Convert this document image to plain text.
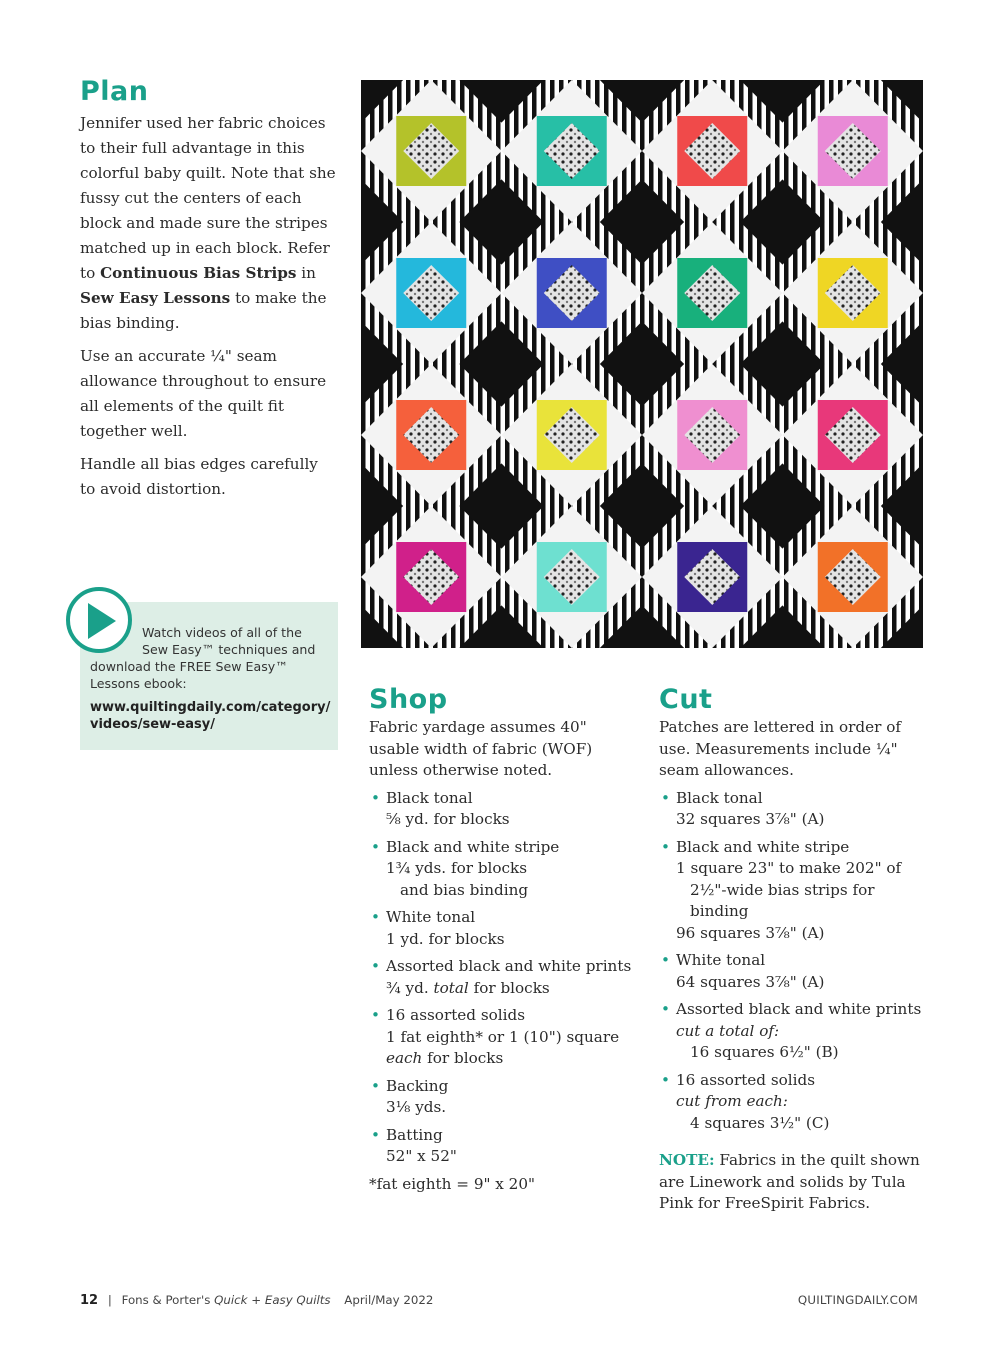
Plan

Jennifer used her fabric choices to their full advantage in this colorful baby quilt. Note that she fussy cut the centers of each block and made sure the stripes matched up in each block. Refer to Continuous Bias Strips in Sew Easy Lessons to make the bias binding.

Use an accurate ¼" seam allowance throughout to ensure all elements of the quilt fit together well.

Handle all bias edges carefully to avoid distortion.

Watch videos of all of the
Sew Easy™ techniques and
download the FREE Sew Easy™ Lessons ebook:
www.quiltingdaily.com/category/ videos/sew-easy/
Shop

Fabric yardage assumes 40" usable width of fabric (WOF) unless otherwise noted.

• Black tonal
⅝ yd. for blocks
• Black and white stripe
1¾ yds. for blocks
and bias binding
• White tonal
1 yd. for blocks
• Assorted black and white prints
¾ yd. total for blocks
• 16 assorted solids
1 fat eighth* or 1 (10") square
each for blocks
• Backing
3⅛ yds.
• Batting
52" x 52"

*fat eighth = 9" x 20"

Cut

Patches are lettered in order of use. Measurements include ¼" seam allowances.

• Black tonal
32 squares 3⅞" (A)
• Black and white stripe
1 square 23" to make 202" of
2½"-wide bias strips for binding
96 squares 3⅞" (A)
• White tonal
64 squares 3⅞" (A)
• Assorted black and white prints
cut a total of:
16 squares 6½" (B)
• 16 assorted solids
cut from each:
4 squares 3½" (C)

NOTE: Fabrics in the quilt shown are Linework and solids by Tula Pink for FreeSpirit Fabrics.

12 | Fons & Porter's Quick + Easy Quilts April/May 2022	QUILTINGDAILY.COM
